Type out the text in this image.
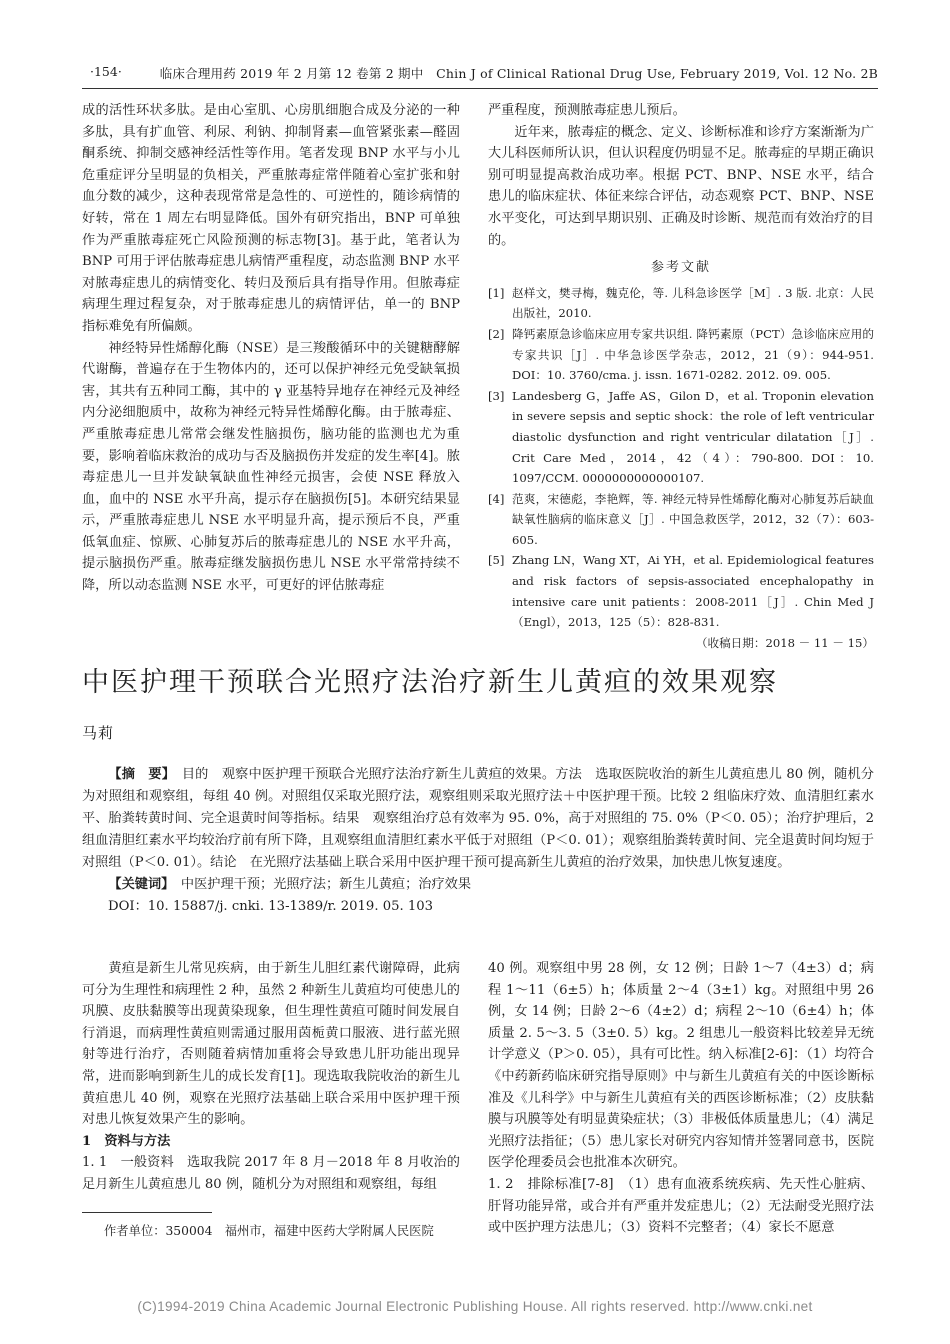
·154·	临床合理用药 2019 年 2 月第 12 卷第 2 期中　Chin J of Clinical Rational Drug Use, February 2019, Vol. 12 No. 2B

成的活性环状多肽。是由心室肌、心房肌细胞合成及分泌的一种多肽，具有扩血管、利尿、利钠、抑制肾素—血管紧张素—醛固酮系统、抑制交感神经活性等作用。笔者发现 BNP 水平与小儿危重症评分呈明显的负相关，严重脓毒症常伴随着心室扩张和射血分数的减少，这种表现常常是急性的、可逆性的，随诊病情的好转，常在 1 周左右明显降低。国外有研究指出，BNP 可单独作为严重脓毒症死亡风险预测的标志物[3]。基于此，笔者认为 BNP 可用于评估脓毒症患儿病情严重程度，动态监测 BNP 水平对脓毒症患儿的病情变化、转归及预后具有指导作用。但脓毒症病理生理过程复杂，对于脓毒症患儿的病情评估，单一的 BNP 指标难免有所偏颇。

神经特异性烯醇化酶（NSE）是三羧酸循环中的关键糖酵解代谢酶，普遍存在于生物体内的，还可以保护神经元免受缺氧损害，其共有五种同工酶，其中的 γ 亚基特异地存在神经元及神经内分泌细胞质中，故称为神经元特异性烯醇化酶。由于脓毒症、严重脓毒症患儿常常会继发性脑损伤，脑功能的监测也尤为重要，影响着临床救治的成功与否及脑损伤并发症的发生率[4]。脓毒症患儿一旦并发缺氧缺血性神经元损害，会使 NSE 释放入血，血中的 NSE 水平升高，提示存在脑损伤[5]。本研究结果显示，严重脓毒症患儿 NSE 水平明显升高，提示预后不良，严重低氧血症、惊厥、心肺复苏后的脓毒症患儿的 NSE 水平升高，提示脑损伤严重。脓毒症继发脑损伤患儿 NSE 水平常常持续不降，所以动态监测 NSE 水平，可更好的评估脓毒症

严重程度，预测脓毒症患儿预后。

近年来，脓毒症的概念、定义、诊断标准和诊疗方案渐渐为广大儿科医师所认识，但认识程度仍明显不足。脓毒症的早期正确识别可明显提高救治成功率。根据 PCT、BNP、NSE 水平，结合患儿的临床症状、体征来综合评估，动态观察 PCT、BNP、NSE 水平变化，可达到早期识别、正确及时诊断、规范而有效治疗的目的。

参考文献
[1] 赵样文，樊寻梅，魏克伦，等. 儿科急诊医学［M］. 3 版. 北京：人民出版社，2010.
[2] 降钙素原急诊临床应用专家共识组. 降钙素原（PCT）急诊临床应用的专家共识［J］. 中华急诊医学杂志，2012，21（9）：944-951. DOI：10. 3760/cma. j. issn. 1671-0282. 2012. 09. 005.
[3] Landesberg G，Jaffe AS，Gilon D，et al. Troponin elevation in severe sepsis and septic shock：the role of left ventricular diastolic dysfunction and right ventricular dilatation［J］. Crit Care Med，2014，42（4）：790-800. DOI：10. 1097/CCM. 0000000000000107.
[4] 范爽，宋德彪，李艳辉，等. 神经元特异性烯醇化酶对心肺复苏后缺血缺氧性脑病的临床意义［J］. 中国急救医学，2012，32（7）：603-605.
[5] Zhang LN，Wang XT，Ai YH，et al. Epidemiological features and risk factors of sepsis-associated encephalopathy in intensive care unit patients：2008-2011［J］. Chin Med J（Engl），2013，125（5）：828-831.
（收稿日期：2018 － 11 － 15）
中医护理干预联合光照疗法治疗新生儿黄疸的效果观察
马莉

【摘　要】　 目的　观察中医护理干预联合光照疗法治疗新生儿黄疸的效果。方法　选取医院收治的新生儿黄疸患儿 80 例，随机分为对照组和观察组，每组 40 例。对照组仅采取光照疗法，观察组则采取光照疗法＋中医护理干预。比较 2 组临床疗效、血清胆红素水平、胎粪转黄时间、完全退黄时间等指标。结果　观察组治疗总有效率为 95. 0%，高于对照组的 75. 0%（P＜0. 05）；治疗护理后，2 组血清胆红素水平均较治疗前有所下降，且观察组血清胆红素水平低于对照组（P＜0. 01）；观察组胎粪转黄时间、完全退黄时间均短于对照组（P＜0. 01）。结论　在光照疗法基础上联合采用中医护理干预可提高新生儿黄疸的治疗效果，加快患儿恢复速度。

【关键词】　 中医护理干预；光照疗法；新生儿黄疸；治疗效果

DOI：10. 15887/j. cnki. 13-1389/r. 2019. 05. 103

黄疸是新生儿常见疾病，由于新生儿胆红素代谢障碍，此病可分为生理性和病理性 2 种，虽然 2 种新生儿黄疸均可使患儿的巩膜、皮肤黏膜等出现黄染现象，但生理性黄疸可随时间发展自行消退，而病理性黄疸则需通过服用茵栀黄口服液、进行蓝光照射等进行治疗，否则随着病情加重将会导致患儿肝功能出现异常，进而影响到新生儿的成长发育[1]。现选取我院收治的新生儿黄疸患儿 40 例，观察在光照疗法基础上联合采用中医护理干预对患儿恢复效果产生的影响。

1　资料与方法

1. 1　一般资料　选取我院 2017 年 8 月－2018 年 8 月收治的足月新生儿黄疸患儿 80 例，随机分为对照组和观察组，每组

40 例。观察组中男 28 例，女 12 例；日龄 1～7（4±3）d；病程 1～11（6±5）h；体质量 2～4（3±1）kg。对照组中男 26 例，女 14 例；日龄 2～6（4±2）d；病程 2～10（6±4）h；体质量 2. 5～3. 5（3±0. 5）kg。2 组患儿一般资料比较差异无统计学意义（P＞0. 05），具有可比性。纳入标准[2-6]：（1）均符合《中药新药临床研究指导原则》中与新生儿黄疸有关的中医诊断标准及《儿科学》中与新生儿黄疸有关的西医诊断标准；（2）皮肤黏膜与巩膜等处有明显黄染症状；（3）非极低体质量患儿；（4）满足光照疗法指征；（5）患儿家长对研究内容知情并签署同意书，医院医学伦理委员会也批准本次研究。

1. 2　排除标准[7-8]　（1）患有血液系统疾病、先天性心脏病、肝肾功能异常，或合并有严重并发症患儿；（2）无法耐受光照疗法或中医护理方法患儿；（3）资料不完整者；（4）家长不愿意

作者单位：350004　福州市，福建中医药大学附属人民医院
(C)1994-2019 China Academic Journal Electronic Publishing House. All rights reserved. http://www.cnki.net
